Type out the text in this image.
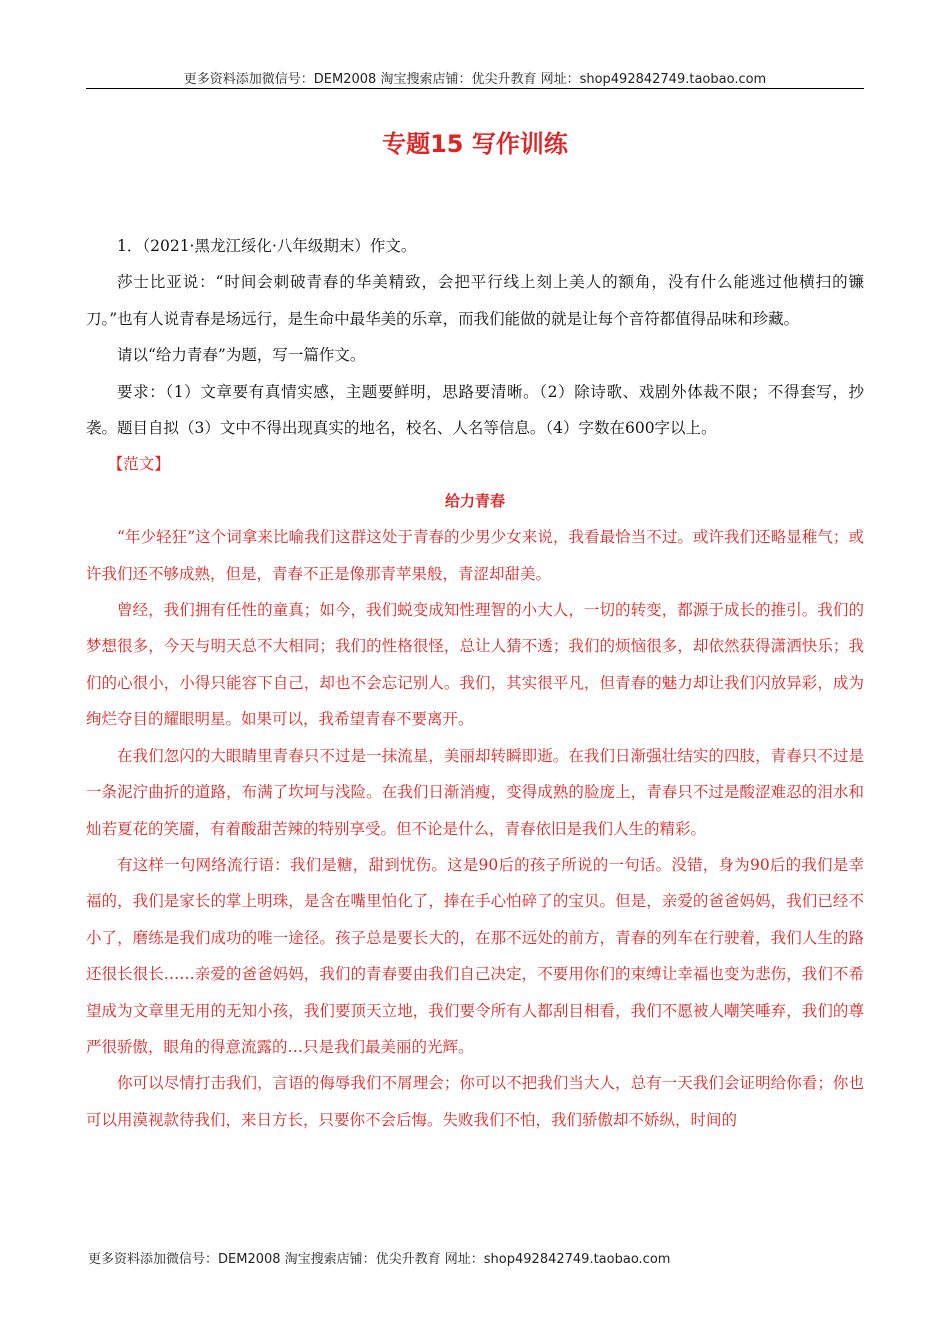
更多资料添加微信号：DEM2008 淘宝搜索店铺：优尖升教育 网址：shop492842749.taobao.com
专题15 写作训练

1．（2021·黑龙江绥化·八年级期末）作文。

莎士比亚说：“时间会刺破青春的华美精致，会把平行线上刻上美人的额角，没有什么能逃过他横扫的镰刀。”也有人说青春是场远行，是生命中最华美的乐章，而我们能做的就是让每个音符都值得品味和珍藏。

请以“给力青春”为题，写一篇作文。

要求：（1）文章要有真情实感，主题要鲜明，思路要清晰。（2）除诗歌、戏剧外体裁不限；不得套写，抄袭。题目自拟（3）文中不得出现真实的地名，校名、人名等信息。（4）字数在600字以上。

【范文】

给力青春

“年少轻狂”这个词拿来比喻我们这群这处于青春的少男少女来说，我看最恰当不过。或许我们还略显稚气；或许我们还不够成熟，但是，青春不正是像那青苹果般，青涩却甜美。

曾经，我们拥有任性的童真；如今，我们蜕变成知性理智的小大人，一切的转变，都源于成长的推引。我们的梦想很多，今天与明天总不大相同；我们的性格很怪，总让人猜不透；我们的烦恼很多，却依然获得潇洒快乐；我们的心很小，小得只能容下自己，却也不会忘记别人。我们，其实很平凡，但青春的魅力却让我们闪放异彩，成为绚烂夺目的耀眼明星。如果可以，我希望青春不要离开。

在我们忽闪的大眼睛里青春只不过是一抹流星，美丽却转瞬即逝。在我们日渐强壮结实的四肢，青春只不过是一条泥泞曲折的道路，布满了坎坷与浅险。在我们日渐消瘦，变得成熟的脸庞上，青春只不过是酸涩难忍的泪水和灿若夏花的笑靥，有着酸甜苦辣的特别享受。但不论是什么，青春依旧是我们人生的精彩。

有这样一句网络流行语：我们是糖，甜到忧伤。这是90后的孩子所说的一句话。没错，身为90后的我们是幸福的，我们是家长的掌上明珠，是含在嘴里怕化了，捧在手心怕碎了的宝贝。但是，亲爱的爸爸妈妈，我们已经不小了，磨练是我们成功的唯一途径。孩子总是要长大的，在那不远处的前方，青春的列车在行驶着，我们人生的路还很长很长……亲爱的爸爸妈妈，我们的青春要由我们自己决定，不要用你们的束缚让幸福也变为悲伤，我们不希望成为文章里无用的无知小孩，我们要顶天立地，我们要令所有人都刮目相看，我们不愿被人嘲笑唾弃，我们的尊严很骄傲，眼角的得意流露的…只是我们最美丽的光辉。

你可以尽情打击我们，言语的侮辱我们不屑理会；你可以不把我们当大人，总有一天我们会证明给你看；你也可以用漠视款待我们，来日方长，只要你不会后悔。失败我们不怕，我们骄傲却不娇纵，时间的

更多资料添加微信号：DEM2008 淘宝搜索店铺：优尖升教育 网址：shop492842749.taobao.com
